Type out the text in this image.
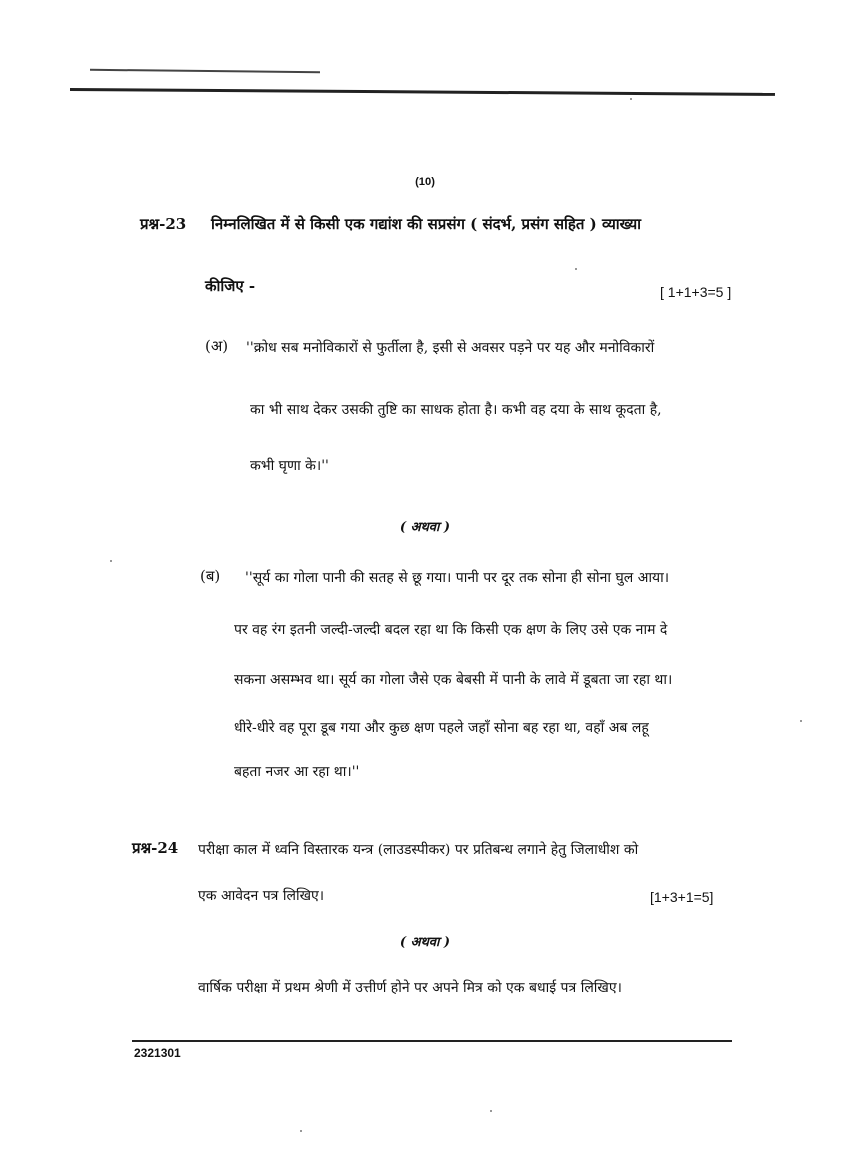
(10)
प्रश्न-23 निम्नलिखित में से किसी एक गद्यांश की सप्रसंग ( संदर्भ, प्रसंग सहित ) व्याख्या
कीजिए -	[ 1+1+3=5 ]
(अ) ''क्रोध सब मनोविकारों से फुर्तीला है, इसी से अवसर पड़ने पर यह और मनोविकारों
का भी साथ देकर उसकी तुष्टि का साधक होता है। कभी वह दया के साथ कूदता है,
कभी घृणा के।''
( अथवा )
(ब) ''सूर्य का गोला पानी की सतह से छू गया। पानी पर दूर तक सोना ही सोना घुल आया।
पर वह रंग इतनी जल्दी-जल्दी बदल रहा था कि किसी एक क्षण के लिए उसे एक नाम दे
सकना असम्भव था। सूर्य का गोला जैसे एक बेबसी में पानी के लावे में डूबता जा रहा था।
धीरे-धीरे वह पूरा डूब गया और कुछ क्षण पहले जहाँ सोना बह रहा था, वहाँ अब लहू
बहता नजर आ रहा था।''
प्रश्न-24 परीक्षा काल में ध्वनि विस्तारक यन्त्र (लाउडस्पीकर) पर प्रतिबन्ध लगाने हेतु जिलाधीश को
एक आवेदन पत्र लिखिए।	[1+3+1=5]
( अथवा )
वार्षिक परीक्षा में प्रथम श्रेणी में उत्तीर्ण होने पर अपने मित्र को एक बधाई पत्र लिखिए।
2321301
